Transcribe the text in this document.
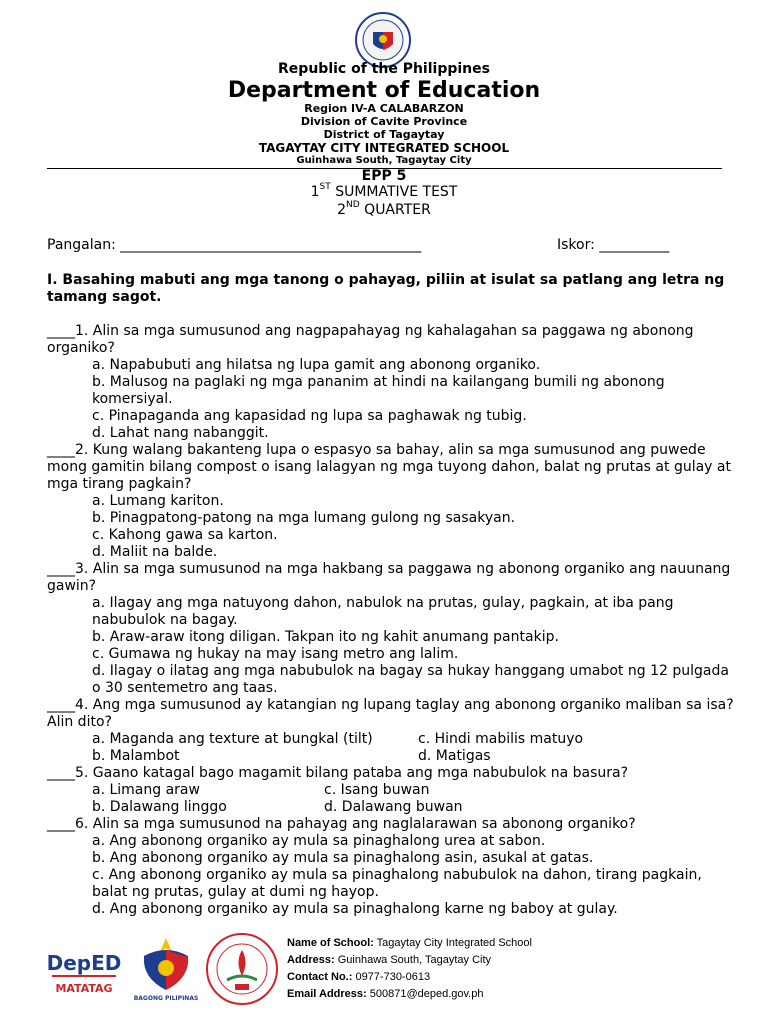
Republic of the Philippines
Department of Education
Region IV-A CALABARZON
Division of Cavite Province
District of Tagaytay
TAGAYTAY CITY INTEGRATED SCHOOL
Guinhawa South, Tagaytay City
EPP 5
1ST SUMMATIVE TEST
2ND QUARTER
Pangalan: ___________________________________________	Iskor: __________
I. Basahing mabuti ang mga tanong o pahayag, piliin at isulat sa patlang ang letra ng tamang sagot.
____1. Alin sa mga sumusunod ang nagpapahayag ng kahalagahan sa paggawa ng abonong organiko?
a. Napabubuti ang hilatsa ng lupa gamit ang abonong organiko.
b. Malusog na paglaki ng mga pananim at hindi na kailangang bumili ng abonong komersiyal.
c. Pinapaganda ang kapasidad ng lupa sa paghawak ng tubig.
d. Lahat nang nabanggit.
____2. Kung walang bakanteng lupa o espasyo sa bahay, alin sa mga sumusunod ang puwede mong gamitin bilang compost o isang lalagyan ng mga tuyong dahon, balat ng prutas at gulay at mga tirang pagkain?
a. Lumang kariton.
b. Pinagpatong-patong na mga lumang gulong ng sasakyan.
c. Kahong gawa sa karton.
d. Maliit na balde.
____3. Alin sa mga sumusunod na mga hakbang sa paggawa ng abonong organiko ang nauunang gawin?
a. Ilagay ang mga natuyong dahon, nabulok na prutas, gulay, pagkain, at iba pang nabubulok na bagay.
b. Araw-araw itong diligan. Takpan ito ng kahit anumang pantakip.
c. Gumawa ng hukay na may isang metro ang lalim.
d. Ilagay o ilatag ang mga nabubulok na bagay sa hukay hanggang umabot ng 12 pulgada o 30 sentemetro ang taas.
____4. Ang mga sumusunod ay katangian ng lupang taglay ang abonong organiko maliban sa isa? Alin dito?
a. Maganda ang texture at bungkal (tilt)	c. Hindi mabilis matuyo
b. Malambot	d. Matigas
____5. Gaano katagal bago magamit bilang pataba ang mga nabubulok na basura?
a. Limang araw	c. Isang buwan
b. Dalawang linggo	d. Dalawang buwan
____6. Alin sa mga sumusunod na pahayag ang naglalarawan sa abonong organiko?
a. Ang abonong organiko ay mula sa pinaghalong urea at sabon.
b. Ang abonong organiko ay mula sa pinaghalong asin, asukal at gatas.
c. Ang abonong organiko ay mula sa pinaghalong nabubulok na dahon, tirang pagkain, balat ng prutas, gulay at dumi ng hayop.
d. Ang abonong organiko ay mula sa pinaghalong karne ng baboy at gulay.
DepED
MATATAG
BAGONG PILIPINAS
Name of School: Tagaytay City Integrated School
Address: Guinhawa South, Tagaytay City
Contact No.: 0977-730-0613
Email Address: 500871@deped.gov.ph
